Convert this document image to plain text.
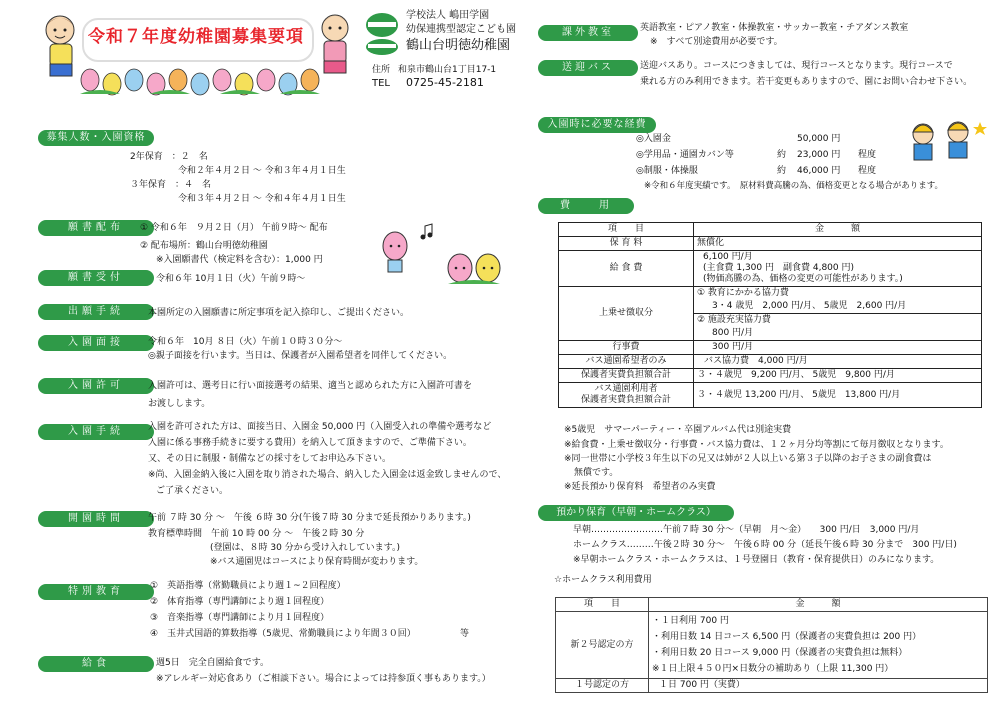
令和７年度幼稚園募集要項
学校法人 嶋田学園
幼保連携型認定こども園
鶴山台明徳幼稚園
住所 和泉市鶴山台1丁目17-1
TEL 0725-45-2181
募集人数・入園資格
2年保育　：２　名
令和２年４月２日 ～ 令和３年４月１日生
３年保育　：４　名
令和３年４月２日 ～ 令和４年４月１日生
願書配布	① 令和６年　９月２日（月） 午前９時～ 配布
② 配布場所：鶴山台明徳幼稚園
※入園願書代（検定料を含む）：1,000 円
願書受付	令和６年 10月１日（火）午前９時～
出願手続	本園所定の入園願書に所定事項を記入捺印し、ご提出ください。
入園面接	令和６年　10月 ８日（火）午前１０時３０分～
◎親子面接を行います。当日は、保護者が入園希望者を同伴してください。
入園許可	入園許可は、選考日に行い面接選考の結果、適当と認められた方に入園許可書を
お渡しします。
入園手続	入園を許可された方は、面接当日、入園金 50,000 円（入園受入れの準備や選考など
入園に係る事務手続きに要する費用）を納入して頂きますので、ご準備下さい。
又、その日に制服・制備などの採寸をしてお申込み下さい。
※尚、入園金納入後に入園を取り消された場合、納入した入園金は返金致しませんので、
ご了承ください。
開園時間	午前 ７時 30 分 ～　午後 ６時 30 分(午後７時 30 分まで延長預かりあります。)
教育標準時間　午前 10 時 00 分 ～　午後２時 30 分
(登園は、８時 30 分から受け入れしています。)
※バス通園児はコースにより保育時間が変わります。
特別教育	①　英語指導（常勤職員により週１~２回程度）
②　体育指導（専門講師により週１回程度）
③　音楽指導（専門講師により月１回程度）
④　玉井式国語的算数指導（5歳児、常勤職員により年間３０回）	等
給食	週5日　完全自園給食です。
※アレルギー対応食あり（ご相談下さい。場合によっては持参頂く事もあります。）
課外教室	英語教室・ピアノ教室・体操教室・サッカー教室・チアダンス教室
※　すべて別途費用が必要です。
送迎バス	送迎バスあり。コースにつきましては、現行コースとなります。現行コースで
乗れる方のみ利用できます。若干変更もありますので、園にお問い合わせ下さい。
入園時に必要な経費
◎入園金	50,000 円
◎学用品・通園カバン等	約 23,000 円 程度
◎制服・体操服	約 46,000 円 程度
※令和６年度実績です。　原材料費高騰の為、価格変更となる場合があります。
費　　用
項　　目	金　　　額
保 育 料	無償化
給 食 費	6,100 円/月
(主食費 1,300 円　副食費 4,800 円)
(物価高騰の為、価格の変更の可能性があります。)

上乗せ徴収分	① 教育にかかる協力費
3・4 歳児　2,000 円/月、 5歳児　2,600 円/月
② 施設充実協力費
800 円/月

行事費	300 円/月
バス通園希望者のみ	バス協力費　4,000 円/月
保護者実費負担額合計	３・４歳児　9,200 円/月、 5歳児　9,800 円/月

バス通園利用者
保護者実費負担額合計	３・４歳児 13,200 円/月、 5歳児　13,800 円/月
※5歳児　サマーパーティー・卒園アルバム代は別途実費
※給食費・上乗せ徴収分・行事費・バス協力費は、１２ヶ月分均等割にて毎月徴収となります。
※同一世帯に小学校３年生以下の兄又は姉が２人以上いる第３子以降のお子さまの副食費は
無償です。
※延長預かり保育料　希望者のみ実費
預かり保育（早朝・ホームクラス）
早朝……………………午前７時 30 分～（早朝　月～金）　　300 円/日　3,000 円/月
ホームクラス………午後２時 30 分～　午後６時 00 分（延長午後６時 30 分まで　300 円/日)
※早朝ホームクラス・ホームクラスは、１号登園日（教育・保育提供日）のみになります。
☆ホームクラス利用費用
項　　目	金　　　額
新２号認定の方	・１日利用 700 円
・利用日数 14 日コース 6,500 円（保護者の実費負担は 200 円）
・利用日数 20 日コース 9,000 円（保護者の実費負担は無料）
※１日上限４５０円×日数分の補助あり（上限 11,300 円）

１号認定の方	１日 700 円（実費）
